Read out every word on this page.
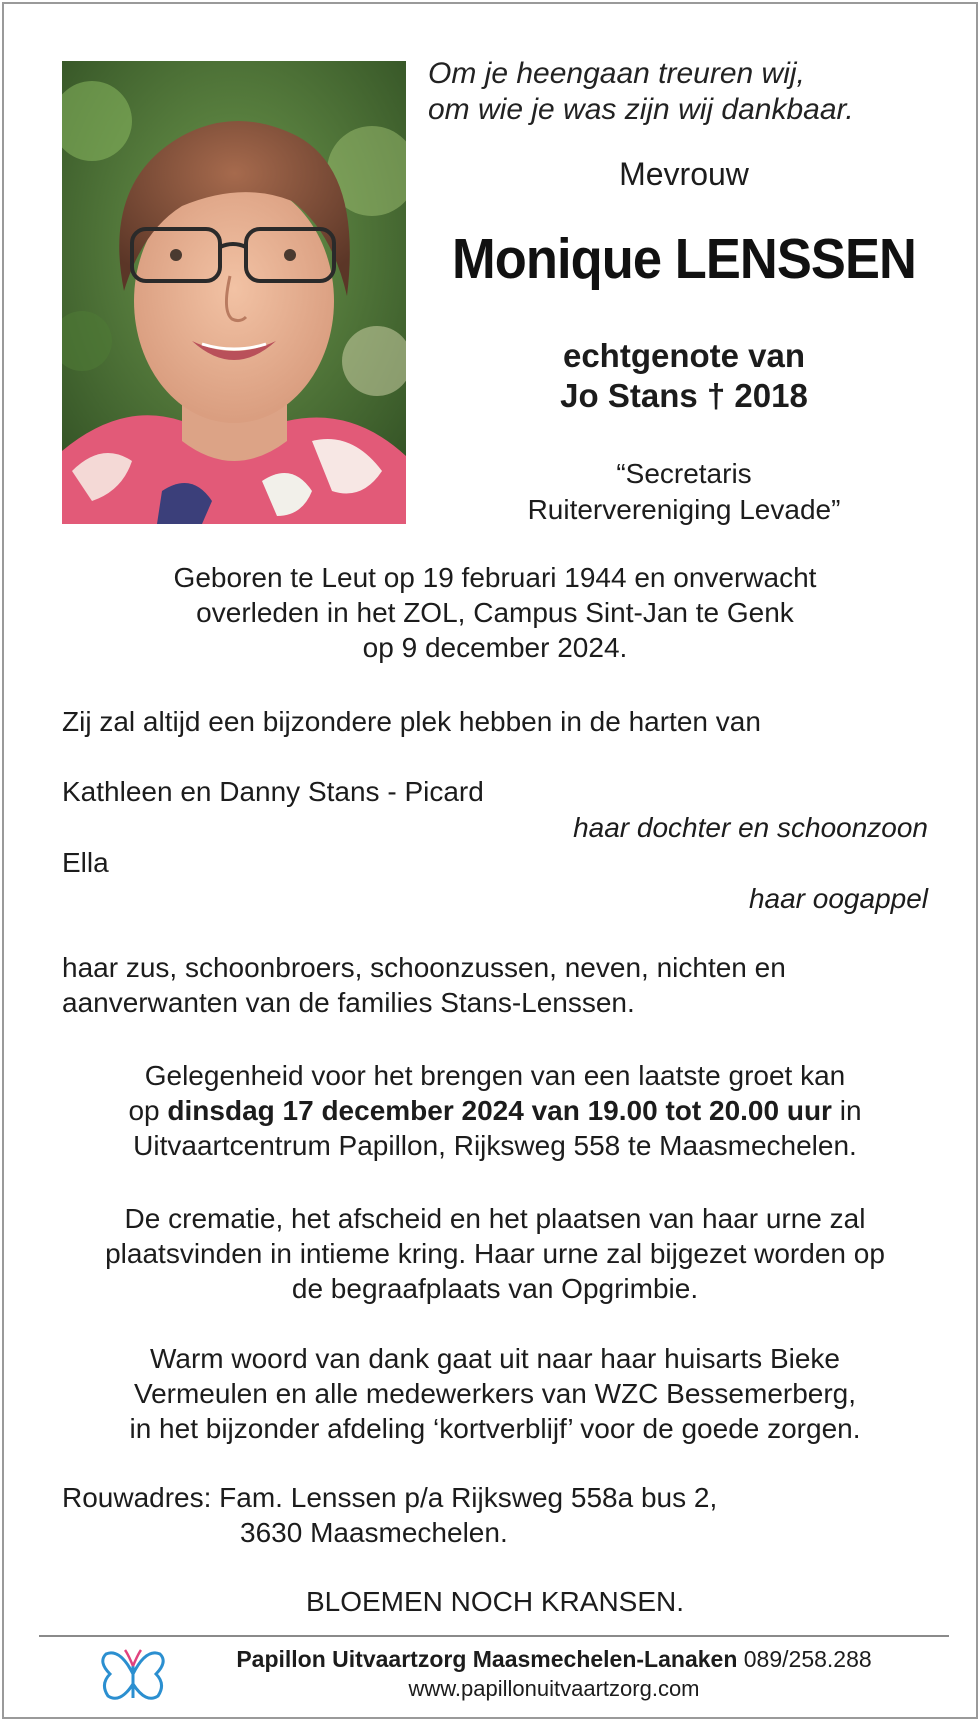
Om je heengaan treuren wij,
om wie je was zijn wij dankbaar.
Mevrouw
Monique LENSSEN
echtgenote van
Jo Stans † 2018
“Secretaris
Ruitervereniging Levade”
Geboren te Leut op 19 februari 1944 en onverwacht
overleden in het ZOL, Campus Sint-Jan te Genk
op 9 december 2024.
Zij zal altijd een bijzondere plek hebben in de harten van
Kathleen en Danny Stans - Picard
haar dochter en schoonzoon
Ella
haar oogappel
haar zus, schoonbroers, schoonzussen, neven, nichten en
aanverwanten van de families Stans-Lenssen.
Gelegenheid voor het brengen van een laatste groet kan
op dinsdag 17 december 2024 van 19.00 tot 20.00 uur in
Uitvaartcentrum Papillon, Rijksweg 558 te Maasmechelen.
De crematie, het afscheid en het plaatsen van haar urne zal
plaatsvinden in intieme kring. Haar urne zal bijgezet worden op
de begraafplaats van Opgrimbie.
Warm woord van dank gaat uit naar haar huisarts Bieke
Vermeulen en alle medewerkers van WZC Bessemerberg,
in het bijzonder afdeling ‘kortverblijf’ voor de goede zorgen.
Rouwadres: Fam. Lenssen p/a Rijksweg 558a bus 2,
3630 Maasmechelen.
BLOEMEN NOCH KRANSEN.
Papillon Uitvaartzorg Maasmechelen-Lanaken 089/258.288
www.papillonuitvaartzorg.com
